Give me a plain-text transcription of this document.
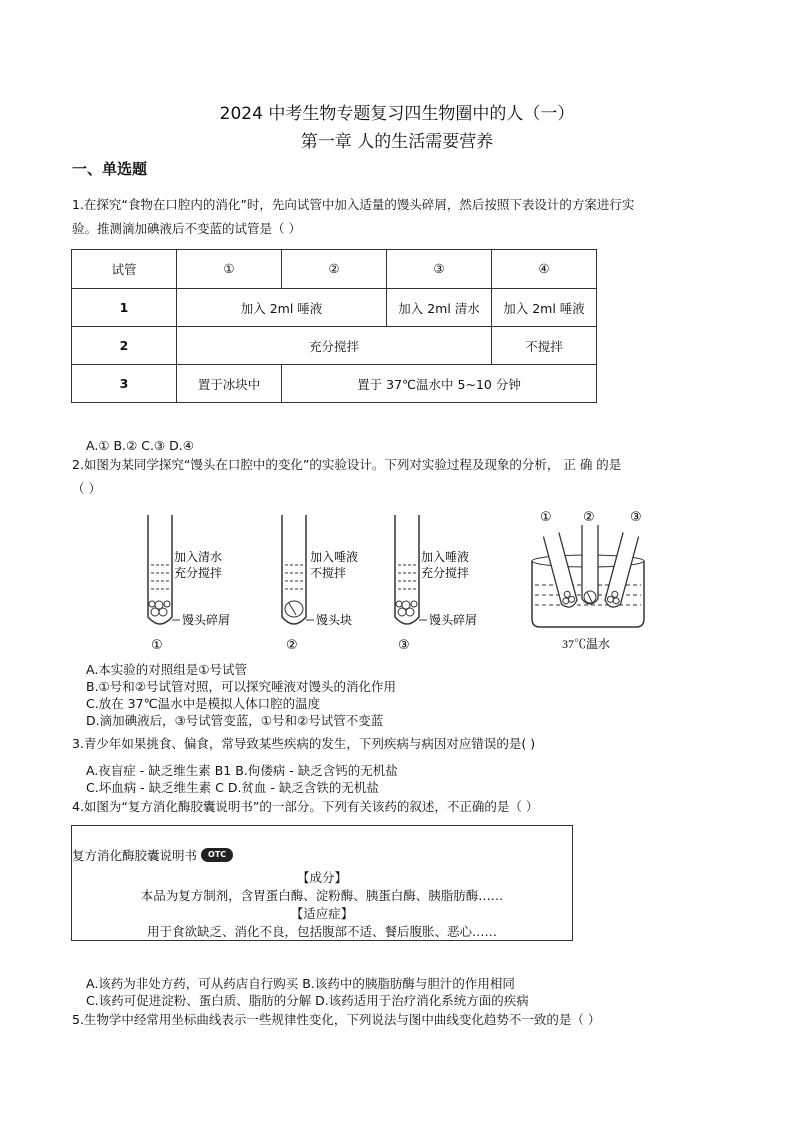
2024 中考生物专题复习四生物圈中的人（一）
第一章 人的生活需要营养
一、单选题
1.在探究“食物在口腔内的消化”时，先向试管中加入适量的馒头碎屑，然后按照下表设计的方案进行实
验。推测滴加碘液后不变蓝的试管是（ ）
试管	①	②	③	④
1	加入 2ml 唾液		加入 2ml 清水	加入 2ml 唾液
2	充分搅拌			不搅拌
3	置于冰块中	置于 37℃温水中 5~10 分钟		
A.① B.② C.③ D.④
2.如图为某同学探究“馒头在口腔中的变化”的实验设计。下列对实验过程及现象的分析， 正 确 的是
（ ）
加入清水
充分搅拌
馒头碎屑
①
加入唾液
不搅拌
馒头块
②
加入唾液
充分搅拌
馒头碎屑
③
① ②	③
37℃温水
A.本实验的对照组是①号试管
B.①号和②号试管对照，可以探究唾液对馒头的消化作用
C.放在 37℃温水中是模拟人体口腔的温度
D.滴加碘液后，③号试管变蓝，①号和②号试管不变蓝
3.青少年如果挑食、偏食，常导致某些疾病的发生，下列疾病与病因对应错误的是( )
A.夜盲症 - 缺乏维生素 B1 B.佝偻病 - 缺乏含钙的无机盐
C.坏血病 - 缺乏维生素 C D.贫血 - 缺乏含铁的无机盐
4.如图为“复方消化酶胶囊说明书”的一部分。下列有关该药的叙述，不正确的是（ ）
复方消化酶胶囊说明书	OTC
【成分】
本品为复方制剂，含胃蛋白酶、淀粉酶、胰蛋白酶、胰脂肪酶……
【适应症】
用于食欲缺乏、消化不良，包括腹部不适、餐后腹胀、恶心……
A.该药为非处方药，可从药店自行购买 B.该药中的胰脂肪酶与胆汁的作用相同
C.该药可促进淀粉、蛋白质、脂肪的分解 D.该药适用于治疗消化系统方面的疾病
5.生物学中经常用坐标曲线表示一些规律性变化，下列说法与图中曲线变化趋势不一致的是（ ）
